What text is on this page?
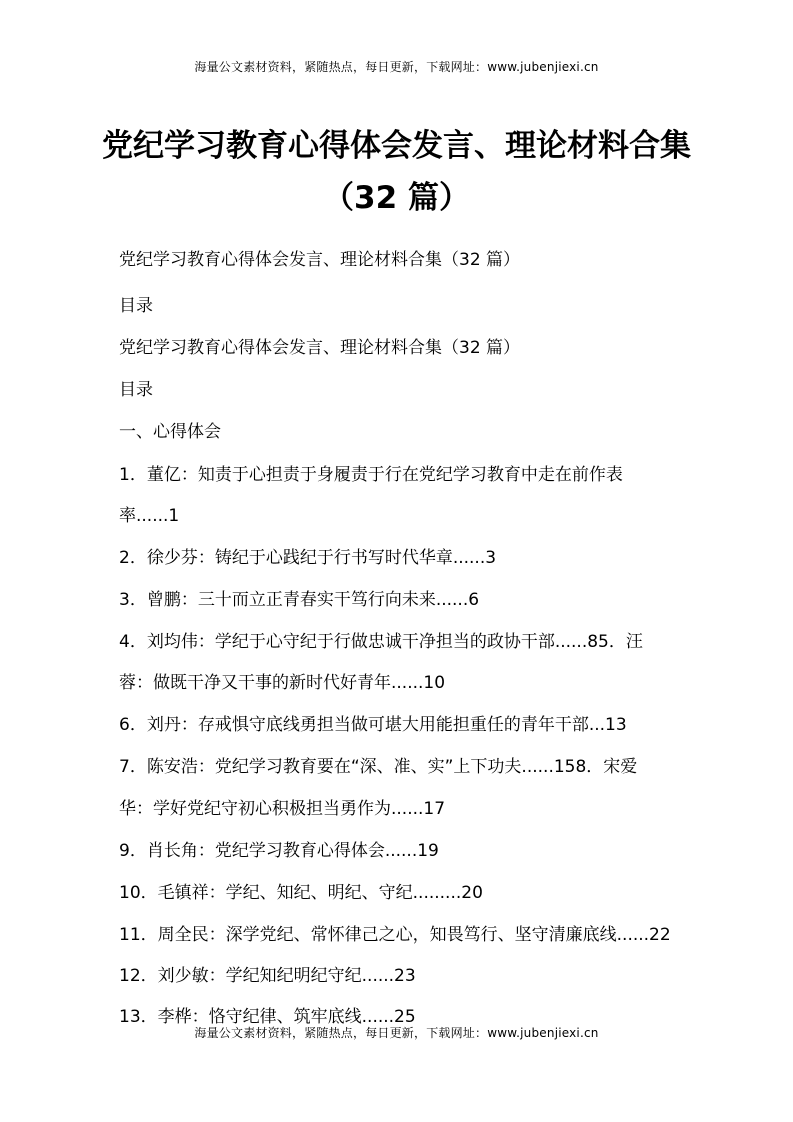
海量公文素材资料，紧随热点，每日更新，下载网址：www.jubenjiexi.cn
党纪学习教育心得体会发言、理论材料合集
（32 篇）
党纪学习教育心得体会发言、理论材料合集（32 篇）
目录
党纪学习教育心得体会发言、理论材料合集（32 篇）
目录
一、心得体会
1．董亿：知责于心担责于身履责于行在党纪学习教育中走在前作表
率......1
2．徐少芬：铸纪于心践纪于行书写时代华章......3
3．曾鹏：三十而立正青春实干笃行向未来......6
4．刘均伟：学纪于心守纪于行做忠诚干净担当的政协干部......85．汪
蓉：做既干净又干事的新时代好青年......10
6．刘丹：存戒惧守底线勇担当做可堪大用能担重任的青年干部...13
7．陈安浩：党纪学习教育要在“深、准、实”上下功夫......158．宋爱
华：学好党纪守初心积极担当勇作为......17
9．肖长角：党纪学习教育心得体会......19
10．毛镇祥：学纪、知纪、明纪、守纪.........20
11．周全民：深学党纪、常怀律己之心，知畏笃行、坚守清廉底线......22
12．刘少敏：学纪知纪明纪守纪......23
13．李桦：恪守纪律、筑牢底线......25
海量公文素材资料，紧随热点，每日更新，下载网址：www.jubenjiexi.cn
